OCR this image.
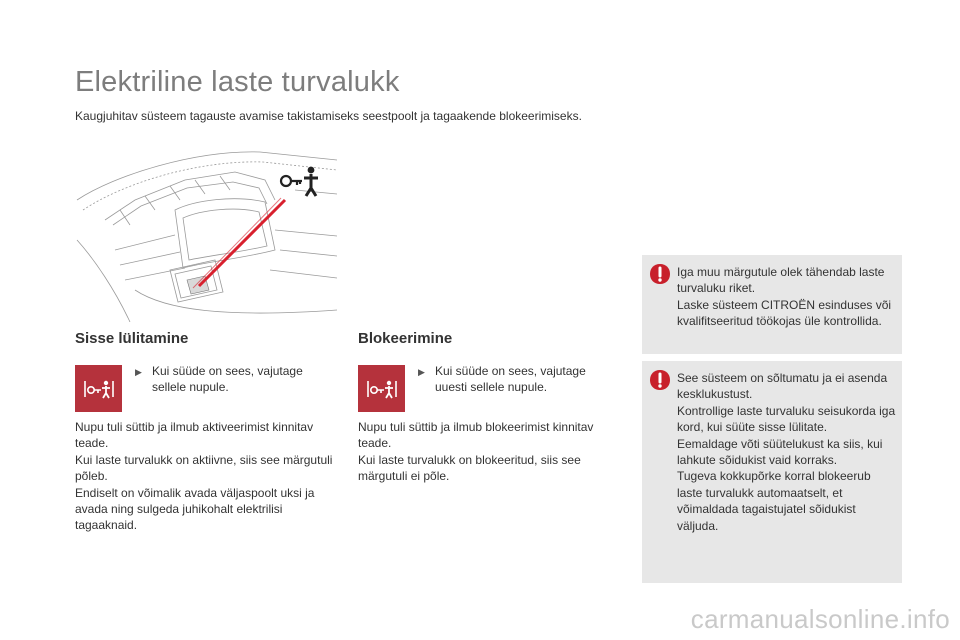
Elektriline laste turvalukk

Kaugjuhitav süsteem tagauste avamise takistamiseks seestpoolt ja tagaakende blokeerimiseks.

Sisse lülitamine
▶ Kui süüde on sees, vajutage sellele nupule.

Nupu tuli süttib ja ilmub aktiveerimist kinnitav teade.

Kui laste turvalukk on aktiivne, siis see märgutuli põleb.

Endiselt on võimalik avada väljaspoolt uksi ja avada ning sulgeda juhikohalt elektrilisi tagaaknaid.

Blokeerimine
▶ Kui süüde on sees, vajutage uuesti sellele nupule.

Nupu tuli süttib ja ilmub blokeerimist kinnitav teade.

Kui laste turvalukk on blokeeritud, siis see märgutuli ei põle.

Iga muu märgutule olek tähendab laste turvaluku riket.

Laske süsteem CITROËN esinduses või kvalifitseeritud töökojas üle kontrollida.

See süsteem on sõltumatu ja ei asenda kesklukustust.

Kontrollige laste turvaluku seisukorda iga kord, kui süüte sisse lülitate.

Eemaldage võti süütelukust ka siis, kui lahkute sõidukist vaid korraks.

Tugeva kokkupõrke korral blokeerub laste turvalukk automaatselt, et võimaldada tagaistujatel sõidukist väljuda.

carmanualsonline.info
